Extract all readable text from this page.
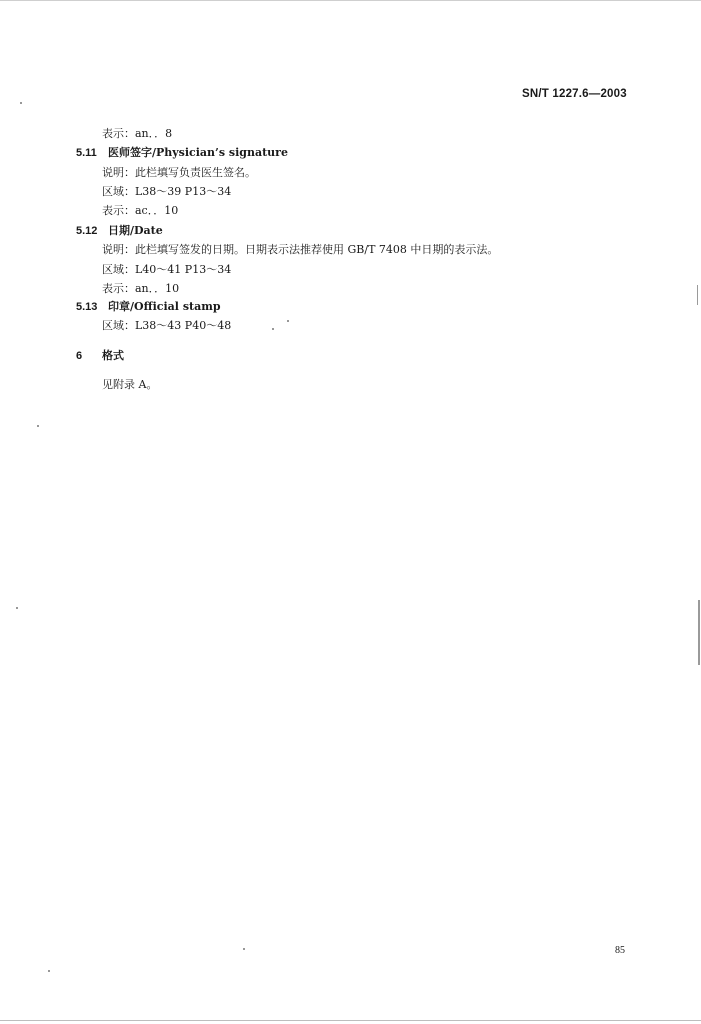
SN/T 1227.6—2003
表示：an．．8
5.11 医师签字/Physician’s signature
说明：此栏填写负责医生签名。
区域：L38～39 P13～34
表示：ac．．10
5.12 日期/Date
说明：此栏填写签发的日期。日期表示法推荐使用 GB/T 7408 中日期的表示法。
区域：L40～41 P13～34
表示：an．．10
5.13 印章/Official stamp
区域：L38～43 P40～48
6 格式
见附录 A。
85
